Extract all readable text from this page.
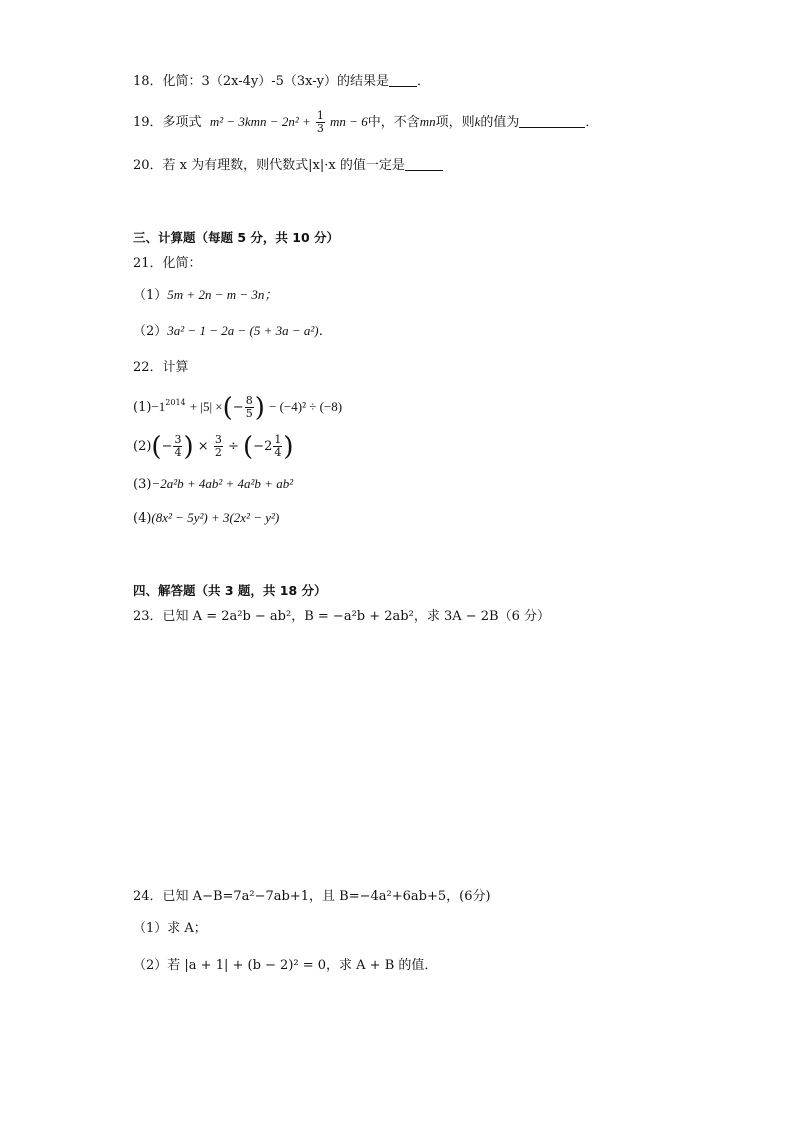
18．化简：3（2x-4y）-5（3x-y）的结果是 ．
19．多项式 $m^2 - 3kmn - 2n^2 + \frac{1}{3}$ mn − 6中，不含mn项，则k的值为	．
20．若 x 为有理数，则代数式|x|·x 的值一定是
三、计算题（每题 5 分，共 10 分）
21．化简：
（1）5m + 2n − m − 3n；
（2）3a² − 1 − 2a − (5 + 3a − a²)．
22．计算
$(1)-1^{2014} + |5|$ ×(− $\frac{8}{5}$ ) − (−4)² ÷ (−8)
$(2)(- \frac{3}{4}$ ) × $\frac{3}{2} \div (-2 \frac{1}{4}$ )
(3)−2a²b + 4ab² + 4a²b + ab²
(4)(8x² − 5y²) + 3(2x² − y²)
四、解答题（共 3 题，共 18 分）
23．已知 A = 2a²b − ab²，B = −a²b + 2ab²，求 3A − 2B（6 分）
24．已知 A−B=7a²−7ab+1，且 B=−4a²+6ab+5，(6分)
（1）求 A；
（2）若 |a + 1| + (b − 2)² = 0，求 A + B 的值．
